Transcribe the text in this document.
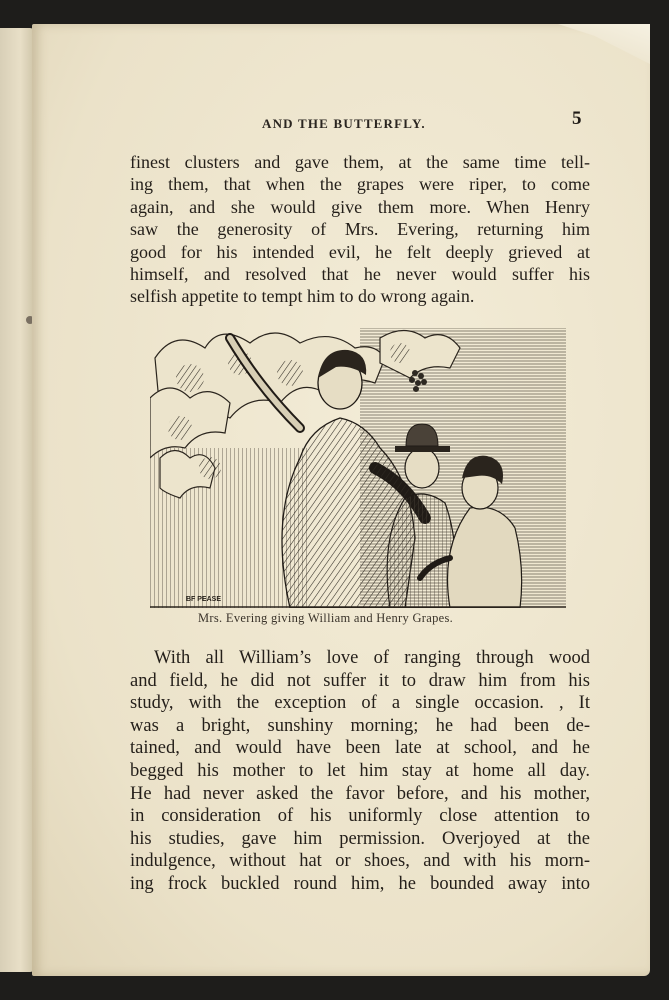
AND THE BUTTERFLY.	5
finest clusters and gave them, at the same time tell-
ing them, that when the grapes were riper, to come
again, and she would give them more. When Henry
saw the generosity of Mrs. Evering, returning him
good for his intended evil, he felt deeply grieved at
himself, and resolved that he never would suffer his
selfish appetite to tempt him to do wrong again.
BF PEASE
Mrs. Evering giving William and Henry Grapes.
With all William’s love of ranging through wood
and field, he did not suffer it to draw him from his
study, with the exception of a single occasion. , It
was a bright, sunshiny morning; he had been de-
tained, and would have been late at school, and he
begged his mother to let him stay at home all day.
He had never asked the favor before, and his mother,
in consideration of his uniformly close attention to
his studies, gave him permission. Overjoyed at the
indulgence, without hat or shoes, and with his morn-
ing frock buckled round him, he bounded away into
